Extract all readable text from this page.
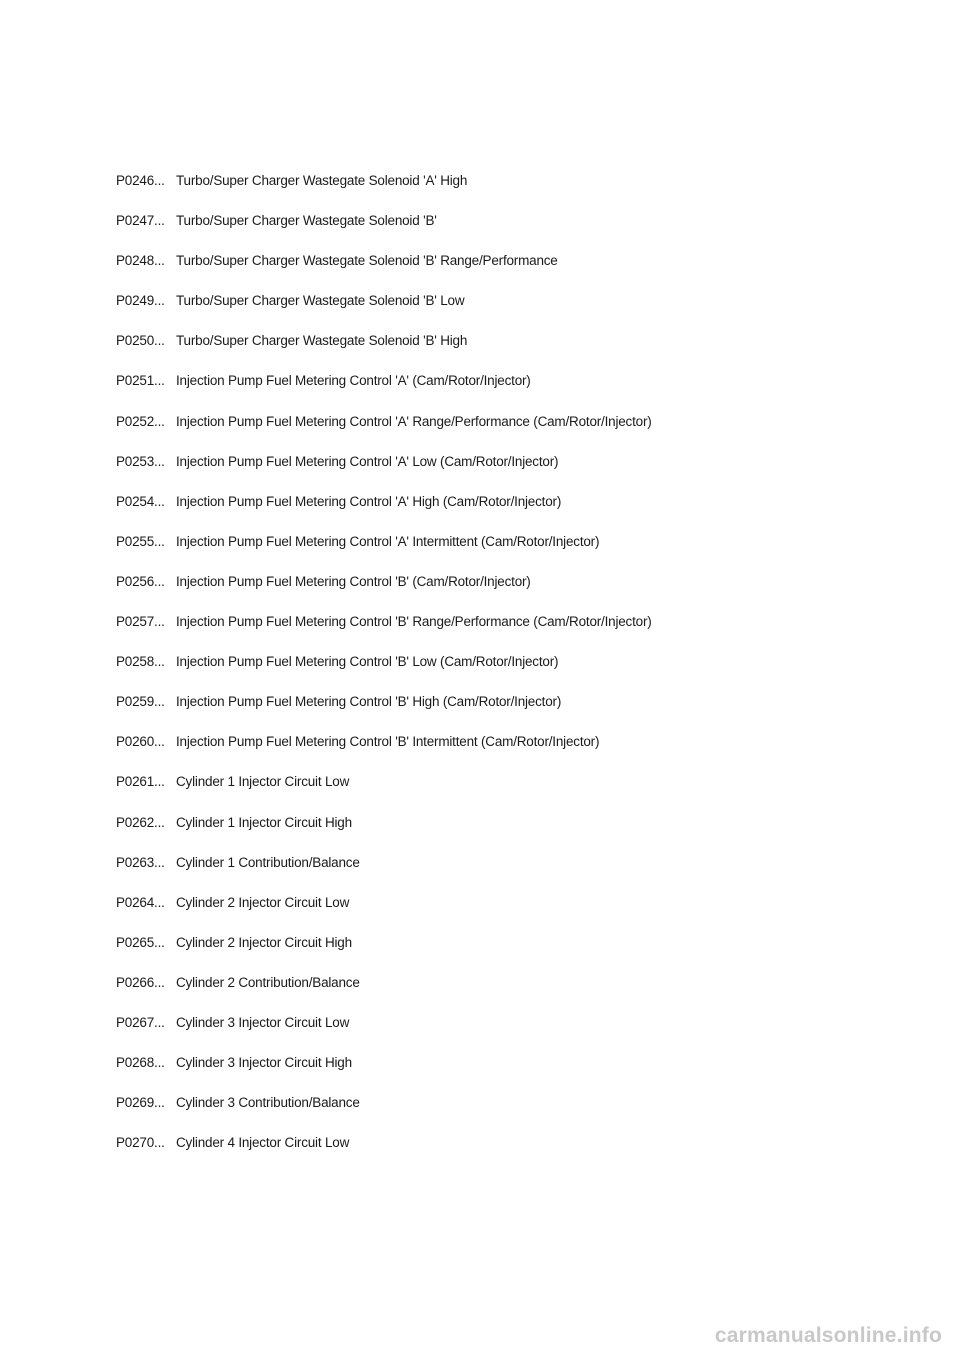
P0246... Turbo/Super Charger Wastegate Solenoid 'A' High
P0247... Turbo/Super Charger Wastegate Solenoid 'B'
P0248... Turbo/Super Charger Wastegate Solenoid 'B' Range/Performance
P0249... Turbo/Super Charger Wastegate Solenoid 'B' Low
P0250... Turbo/Super Charger Wastegate Solenoid 'B' High
P0251... Injection Pump Fuel Metering Control 'A' (Cam/Rotor/Injector)
P0252... Injection Pump Fuel Metering Control 'A' Range/Performance (Cam/Rotor/Injector)
P0253... Injection Pump Fuel Metering Control 'A' Low (Cam/Rotor/Injector)
P0254... Injection Pump Fuel Metering Control 'A' High (Cam/Rotor/Injector)
P0255... Injection Pump Fuel Metering Control 'A' Intermittent (Cam/Rotor/Injector)
P0256... Injection Pump Fuel Metering Control 'B' (Cam/Rotor/Injector)
P0257... Injection Pump Fuel Metering Control 'B' Range/Performance (Cam/Rotor/Injector)
P0258... Injection Pump Fuel Metering Control 'B' Low (Cam/Rotor/Injector)
P0259... Injection Pump Fuel Metering Control 'B' High (Cam/Rotor/Injector)
P0260... Injection Pump Fuel Metering Control 'B' Intermittent (Cam/Rotor/Injector)
P0261... Cylinder 1 Injector Circuit Low
P0262... Cylinder 1 Injector Circuit High
P0263... Cylinder 1 Contribution/Balance
P0264... Cylinder 2 Injector Circuit Low
P0265... Cylinder 2 Injector Circuit High
P0266... Cylinder 2 Contribution/Balance
P0267... Cylinder 3 Injector Circuit Low
P0268... Cylinder 3 Injector Circuit High
P0269... Cylinder 3 Contribution/Balance
P0270... Cylinder 4 Injector Circuit Low
carmanualsonline.info
